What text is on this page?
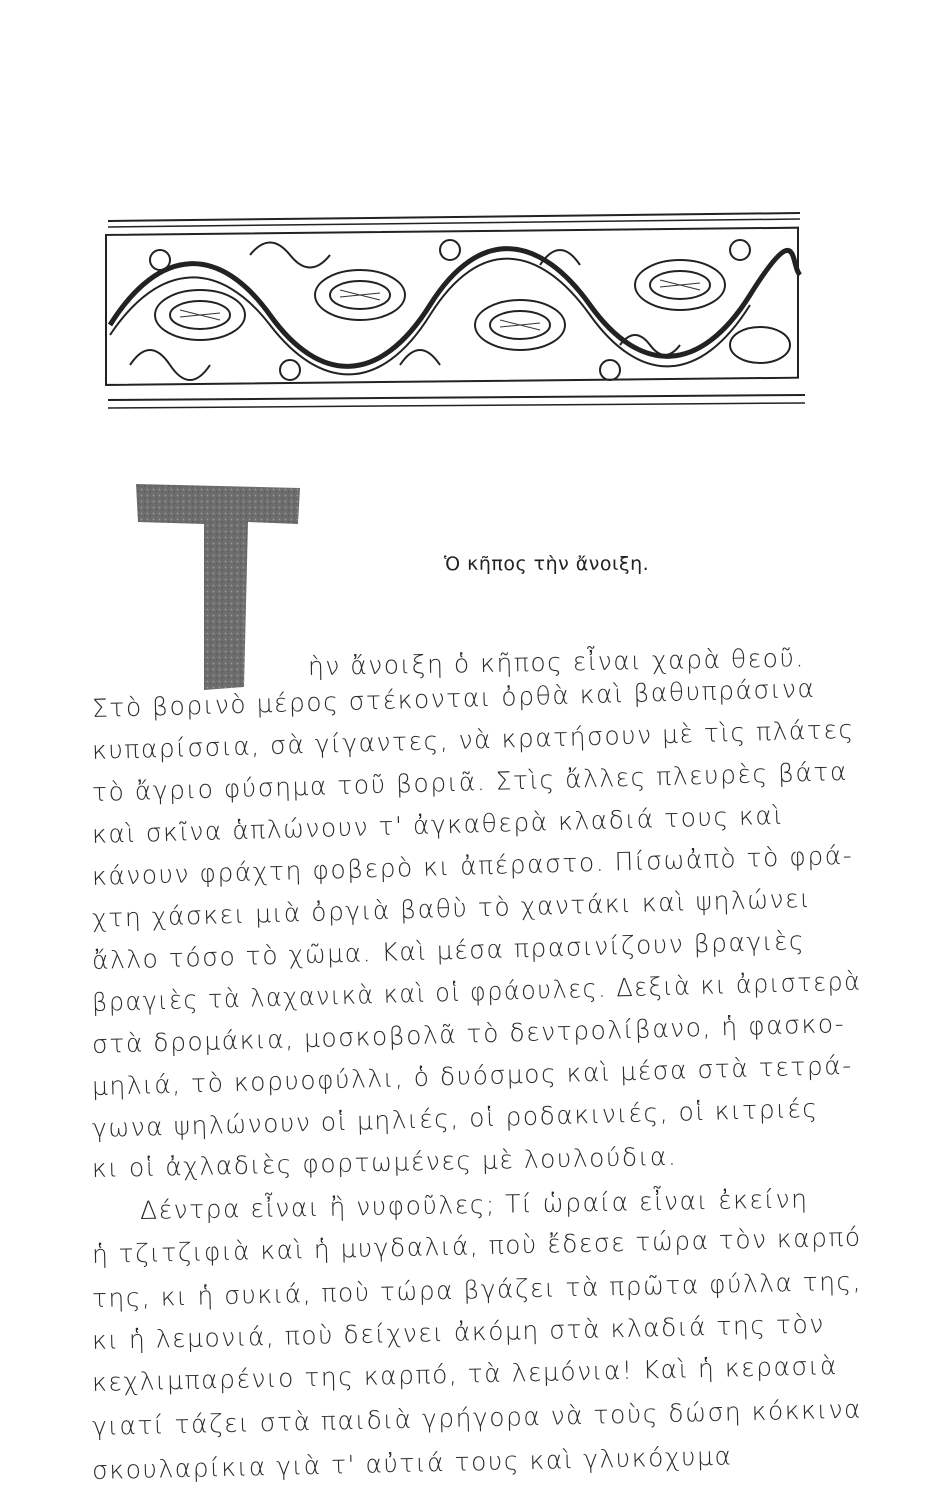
Ὁ κῆπος τὴν ἄνοιξη.
ὴν ἄνοιξη ὁ κῆπος εἶναι χαρὰ θεοῦ.
Στὸ βορινὸ μέρος στέκονται ὀρθὰ καὶ βαθυπράσινα
κυπαρίσσια, σὰ γίγαντες, νὰ κρατήσουν μὲ τὶς πλάτες
τὸ ἄγριο φύσημα τοῦ βοριᾶ. Στὶς ἄλλες πλευρὲς βάτα
καὶ σκῖνα ἁπλώνουν τ' ἀγκαθερὰ κλαδιά τους καὶ
κάνουν φράχτη φοβερὸ κι ἀπέραστο. Πίσωἀπὸ τὸ φρά-
χτη χάσκει μιὰ ὀργιὰ βαθὺ τὸ χαντάκι καὶ ψηλώνει
ἄλλο τόσο τὸ χῶμα. Καὶ μέσα πρασινίζουν βραγιὲς
βραγιὲς τὰ λαχανικὰ καὶ οἱ φράουλες. Δεξιὰ κι ἀριστερὰ
στὰ δρομάκια, μοσκοβολᾶ τὸ δεντρολίβανο, ἡ φασκο-
μηλιά, τὸ κορυοφύλλι, ὁ δυόσμος καὶ μέσα στὰ τετρά-
γωνα ψηλώνουν οἱ μηλιές, οἱ ροδακινιές, οἱ κιτριές
κι οἱ ἀχλαδιὲς φορτωμένες μὲ λουλούδια.
Δέντρα εἶναι ἢ νυφοῦλες; Τί ὡραία εἶναι ἐκείνη
ἡ τζιτζιφιὰ καὶ ἡ μυγδαλιά, ποὺ ἔδεσε τώρα τὸν καρπό
της, κι ἡ συκιά, ποὺ τώρα βγάζει τὰ πρῶτα φύλλα της,
κι ἡ λεμονιά, ποὺ δείχνει ἀκόμη στὰ κλαδιά της τὸν
κεχλιμπαρένιο της καρπό, τὰ λεμόνια! Καὶ ἡ κερασιὰ
γιατί τάζει στὰ παιδιὰ γρήγορα νὰ τοὺς δώση κόκκινα
σκουλαρίκια γιὰ τ' αὐτιά τους καὶ γλυκόχυμα
